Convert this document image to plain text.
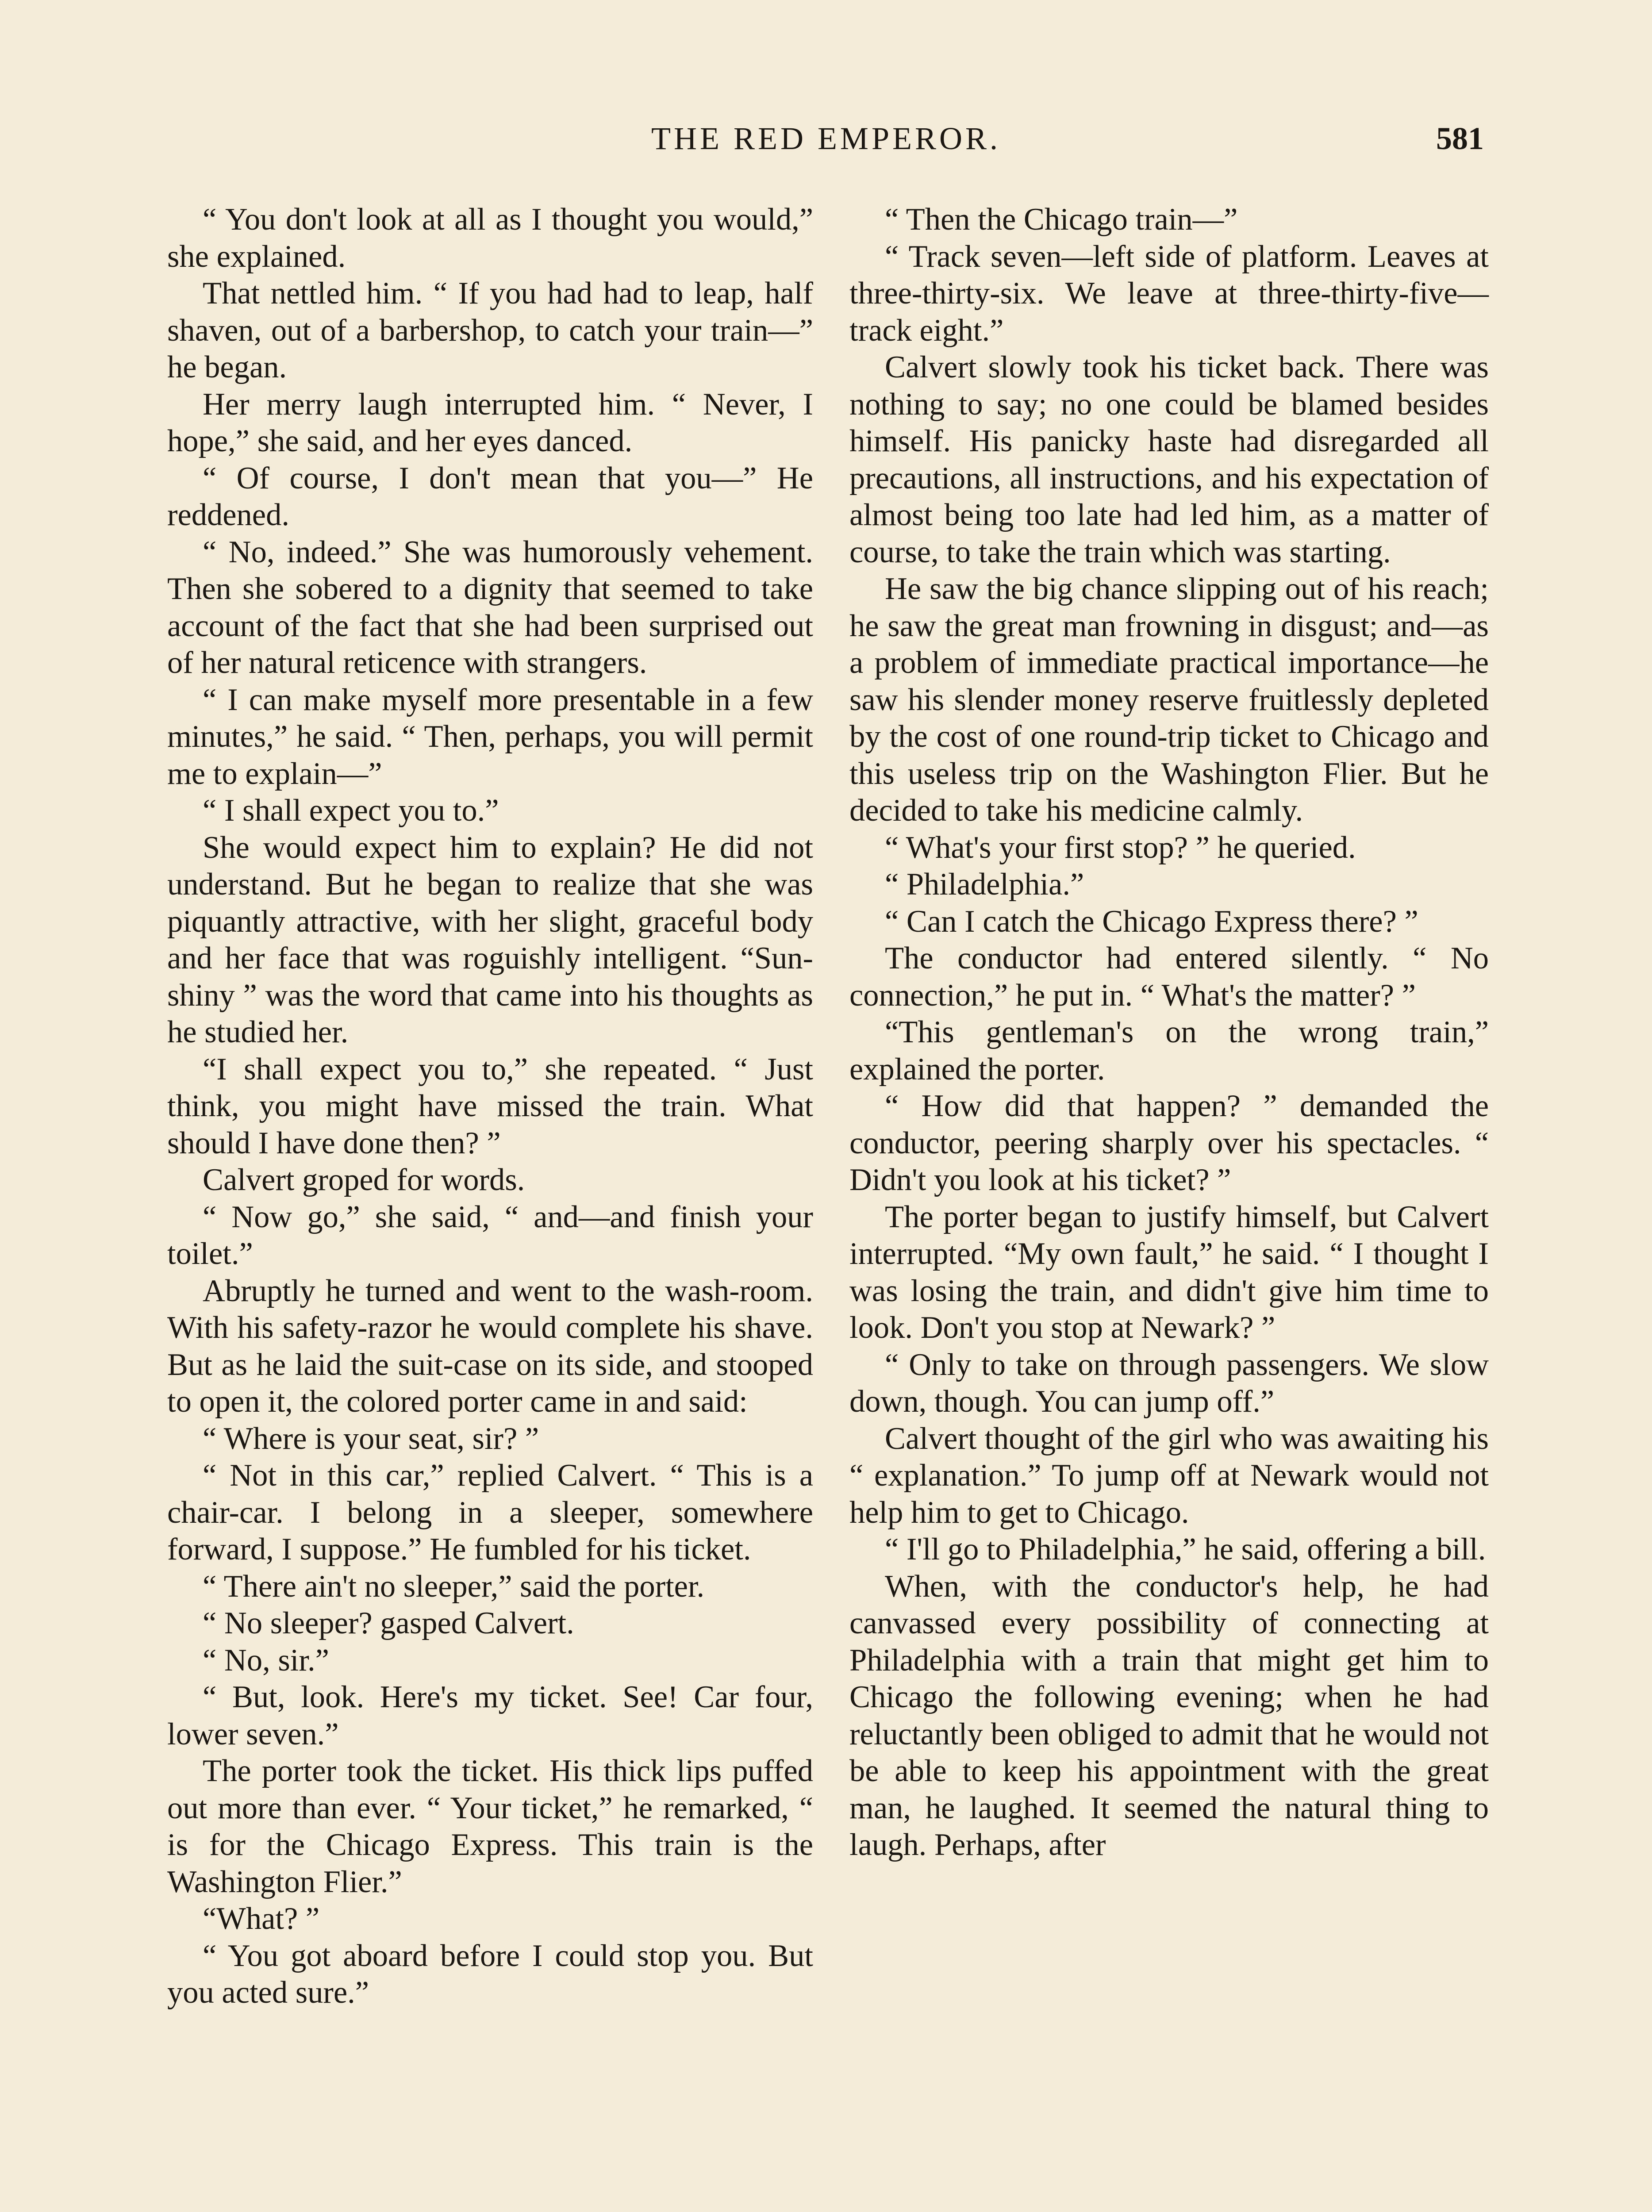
THE RED EMPEROR.	581

“ You don't look at all as I thought you would,” she explained.

That nettled him. “ If you had had to leap, half shaven, out of a barbershop, to catch your train—” he began.

Her merry laugh interrupted him. “ Never, I hope,” she said, and her eyes danced.

“ Of course, I don't mean that you—” He reddened.

“ No, indeed.” She was humorously vehement. Then she sobered to a dignity that seemed to take account of the fact that she had been surprised out of her natural reticence with strangers.

“ I can make myself more presentable in a few minutes,” he said. “ Then, perhaps, you will permit me to explain—”

“ I shall expect you to.”

She would expect him to explain? He did not understand. But he began to realize that she was piquantly attractive, with her slight, graceful body and her face that was roguishly intelligent. “Sunshiny ” was the word that came into his thoughts as he studied her.

“I shall expect you to,” she repeated. “ Just think, you might have missed the train. What should I have done then? ”

Calvert groped for words.

“ Now go,” she said, “ and—and finish your toilet.”

Abruptly he turned and went to the wash-room. With his safety-razor he would complete his shave. But as he laid the suit-case on its side, and stooped to open it, the colored porter came in and said:

“ Where is your seat, sir? ”

“ Not in this car,” replied Calvert. “ This is a chair-car. I belong in a sleeper, somewhere forward, I suppose.” He fumbled for his ticket.

“ There ain't no sleeper,” said the porter.

“ No sleeper? gasped Calvert.

“ No, sir.”

“ But, look. Here's my ticket. See! Car four, lower seven.”

The porter took the ticket. His thick lips puffed out more than ever. “ Your ticket,” he remarked, “ is for the Chicago Express. This train is the Washington Flier.”

“What? ”

“ You got aboard before I could stop you. But you acted sure.”

“ Then the Chicago train—”

“ Track seven—left side of platform. Leaves at three-thirty-six. We leave at three-thirty-five—track eight.”

Calvert slowly took his ticket back. There was nothing to say; no one could be blamed besides himself. His panicky haste had disregarded all precautions, all instructions, and his expectation of almost being too late had led him, as a matter of course, to take the train which was starting.

He saw the big chance slipping out of his reach; he saw the great man frowning in disgust; and—as a problem of immediate practical importance—he saw his slender money reserve fruitlessly depleted by the cost of one round-trip ticket to Chicago and this useless trip on the Washington Flier. But he decided to take his medicine calmly.

“ What's your first stop? ” he queried.

“ Philadelphia.”

“ Can I catch the Chicago Express there? ”

The conductor had entered silently. “ No connection,” he put in. “ What's the matter? ”

“This gentleman's on the wrong train,” explained the porter.

“ How did that happen? ” demanded the conductor, peering sharply over his spectacles. “ Didn't you look at his ticket? ”

The porter began to justify himself, but Calvert interrupted. “My own fault,” he said. “ I thought I was losing the train, and didn't give him time to look. Don't you stop at Newark? ”

“ Only to take on through passengers. We slow down, though. You can jump off.”

Calvert thought of the girl who was awaiting his “ explanation.” To jump off at Newark would not help him to get to Chicago.

“ I'll go to Philadelphia,” he said, offering a bill.

When, with the conductor's help, he had canvassed every possibility of connecting at Philadelphia with a train that might get him to Chicago the following evening; when he had reluctantly been obliged to admit that he would not be able to keep his appointment with the great man, he laughed. It seemed the natural thing to laugh. Perhaps, after
